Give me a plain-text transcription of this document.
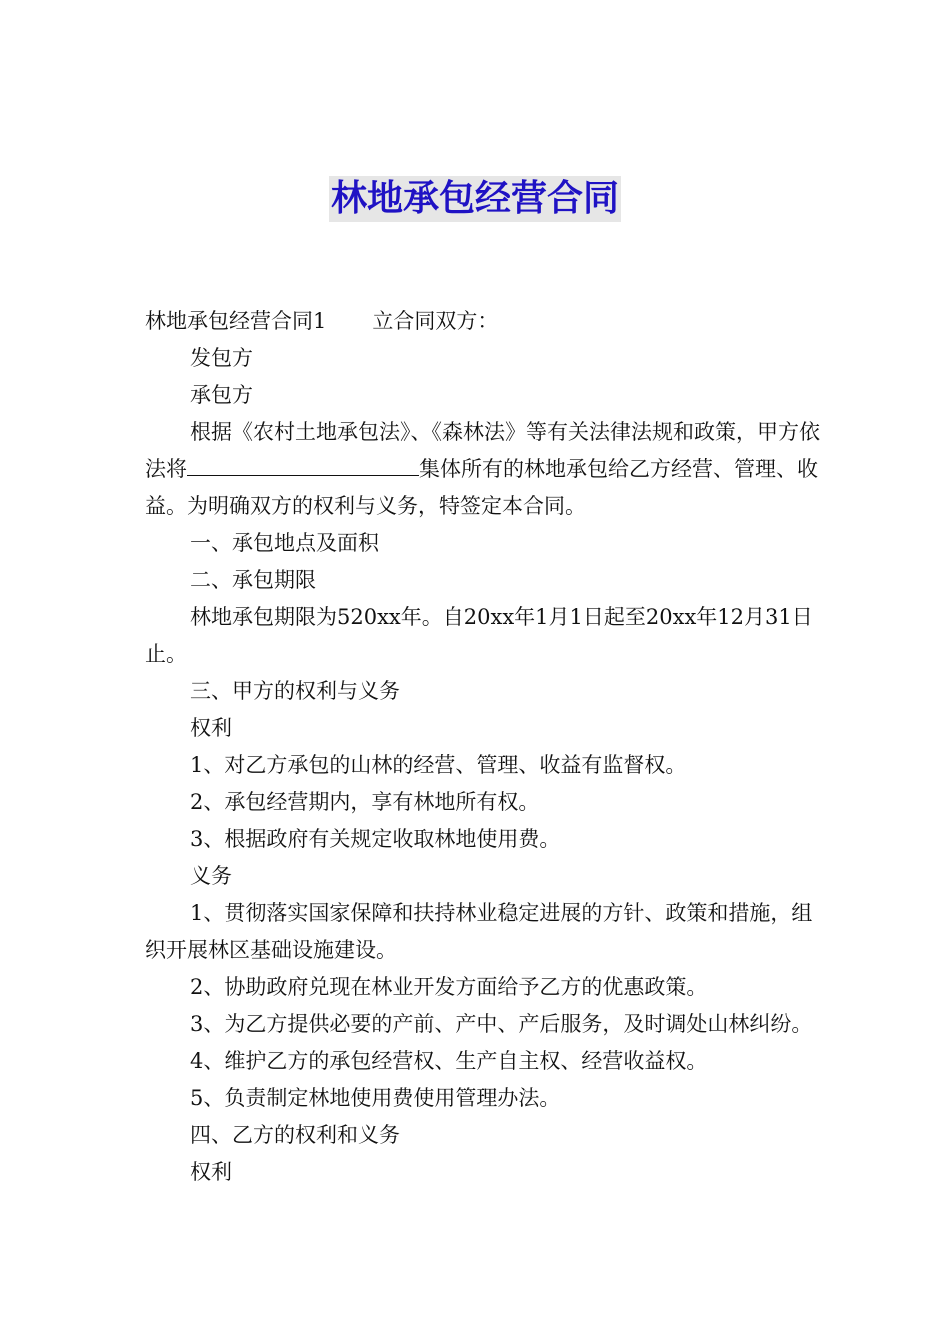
林地承包经营合同

林地承包经营合同1 立合同双方：

发包方

承包方

根据《农村土地承包法》、《森林法》等有关法律法规和政策，甲方依法将	集体所有的林地承包给乙方经营、管理、收益。为明确双方的权利与义务，特签定本合同。

一、承包地点及面积

二、承包期限

林地承包期限为520xx年。自20xx年1月1日起至20xx年12月31日止。

三、甲方的权利与义务

权利

1、对乙方承包的山林的经营、管理、收益有监督权。

2、承包经营期内，享有林地所有权。

3、根据政府有关规定收取林地使用费。

义务

1、贯彻落实国家保障和扶持林业稳定进展的方针、政策和措施，组织开展林区基础设施建设。

2、协助政府兑现在林业开发方面给予乙方的优惠政策。

3、为乙方提供必要的产前、产中、产后服务，及时调处山林纠纷。

4、维护乙方的承包经营权、生产自主权、经营收益权。

5、负责制定林地使用费使用管理办法。

四、乙方的权利和义务

权利
